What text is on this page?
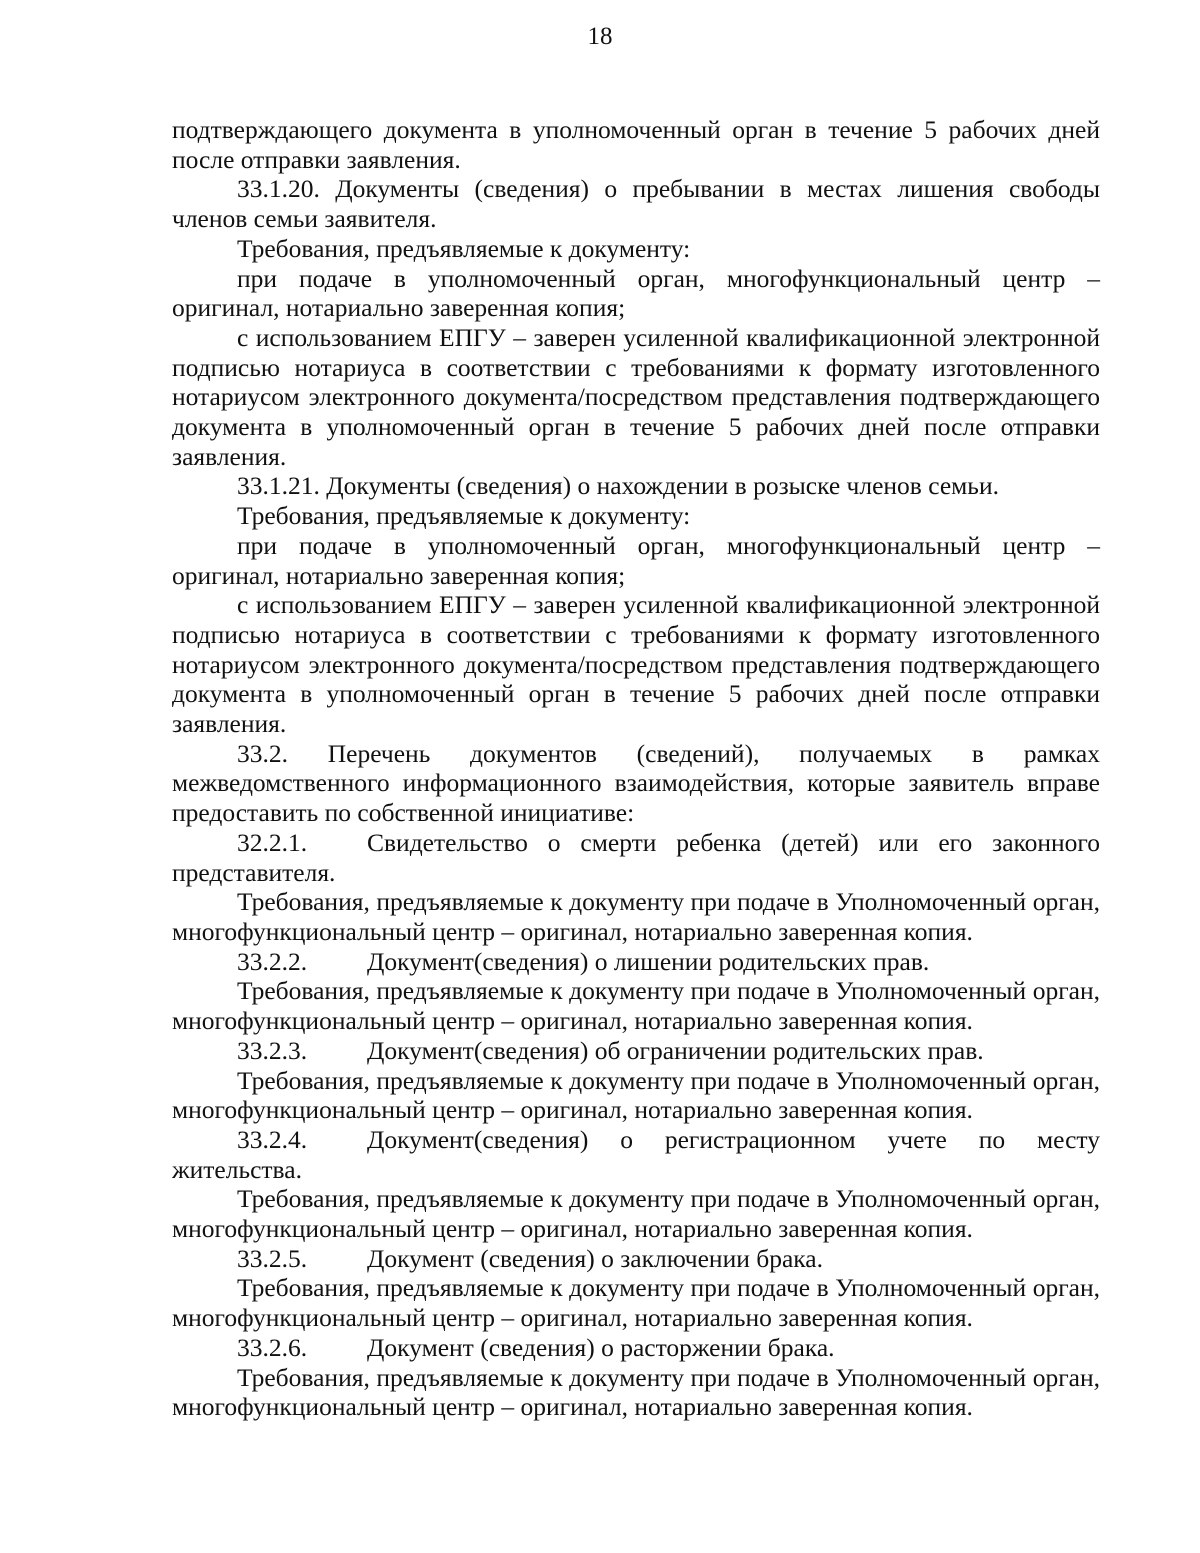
18

подтверждающего документа в уполномоченный орган в течение 5 рабочих дней после отправки заявления.

33.1.20. Документы (сведения) о пребывании в местах лишения свободы членов семьи заявителя.

Требования, предъявляемые к документу:

при подаче в уполномоченный орган, многофункциональный центр – оригинал, нотариально заверенная копия;

с использованием ЕПГУ – заверен усиленной квалификационной электронной подписью нотариуса в соответствии с требованиями к формату изготовленного нотариусом электронного документа/посредством представления подтверждающего документа в уполномоченный орган в течение 5 рабочих дней после отправки заявления.

33.1.21. Документы (сведения) о нахождении в розыске членов семьи.

Требования, предъявляемые к документу:

при подаче в уполномоченный орган, многофункциональный центр – оригинал, нотариально заверенная копия;

с использованием ЕПГУ – заверен усиленной квалификационной электронной подписью нотариуса в соответствии с требованиями к формату изготовленного нотариусом электронного документа/посредством представления подтверждающего документа в уполномоченный орган в течение 5 рабочих дней после отправки заявления.

33.2. Перечень документов (сведений), получаемых в рамках межведомственного информационного взаимодействия, которые заявитель вправе предоставить по собственной инициативе:

32.2.1. Свидетельство о смерти ребенка (детей) или его законного представителя.

Требования, предъявляемые к документу при подаче в Уполномоченный орган, многофункциональный центр – оригинал, нотариально заверенная копия.

33.2.2. Документ(сведения) о лишении родительских прав.

Требования, предъявляемые к документу при подаче в Уполномоченный орган, многофункциональный центр – оригинал, нотариально заверенная копия.

33.2.3. Документ(сведения) об ограничении родительских прав.

Требования, предъявляемые к документу при подаче в Уполномоченный орган, многофункциональный центр – оригинал, нотариально заверенная копия.

33.2.4. Документ(сведения) о регистрационном учете по месту жительства.

Требования, предъявляемые к документу при подаче в Уполномоченный орган, многофункциональный центр – оригинал, нотариально заверенная копия.

33.2.5. Документ (сведения) о заключении брака.

Требования, предъявляемые к документу при подаче в Уполномоченный орган, многофункциональный центр – оригинал, нотариально заверенная копия.

33.2.6. Документ (сведения) о расторжении брака.

Требования, предъявляемые к документу при подаче в Уполномоченный орган, многофункциональный центр – оригинал, нотариально заверенная копия.
